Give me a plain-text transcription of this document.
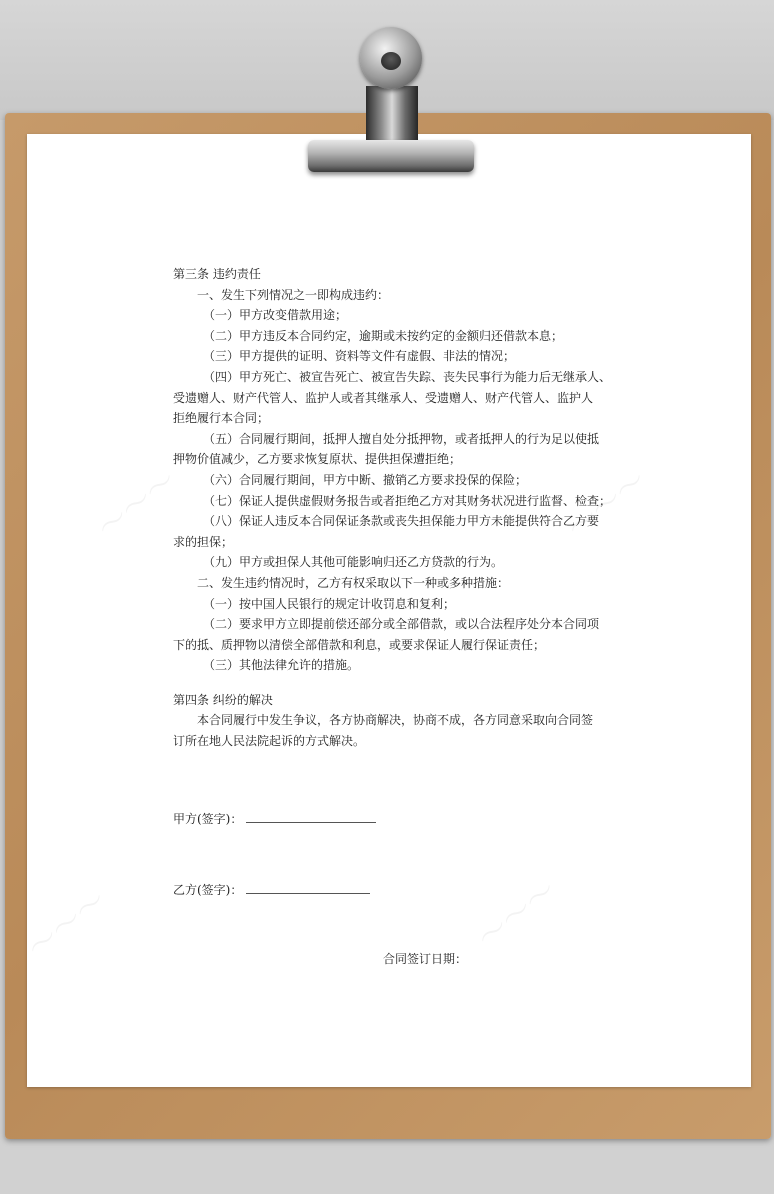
〜〜〜	〜〜〜
〜〜〜	〜〜〜

第三条 违约责任

一、发生下列情况之一即构成违约：

（一）甲方改变借款用途；

（二）甲方违反本合同约定，逾期或未按约定的金额归还借款本息；

（三）甲方提供的证明、资料等文件有虚假、非法的情况；

（四）甲方死亡、被宣告死亡、被宣告失踪、丧失民事行为能力后无继承人、

受遗赠人、财产代管人、监护人或者其继承人、受遗赠人、财产代管人、监护人

拒绝履行本合同；

（五）合同履行期间，抵押人擅自处分抵押物，或者抵押人的行为足以使抵

押物价值减少，乙方要求恢复原状、提供担保遭拒绝；

（六）合同履行期间，甲方中断、撤销乙方要求投保的保险；

（七）保证人提供虚假财务报告或者拒绝乙方对其财务状况进行监督、检查；

（八）保证人违反本合同保证条款或丧失担保能力甲方未能提供符合乙方要

求的担保；

（九）甲方或担保人其他可能影响归还乙方贷款的行为。

二、发生违约情况时，乙方有权采取以下一种或多种措施：

（一）按中国人民银行的规定计收罚息和复利；

（二）要求甲方立即提前偿还部分或全部借款，或以合法程序处分本合同项

下的抵、质押物以清偿全部借款和利息，或要求保证人履行保证责任；

（三）其他法律允许的措施。

第四条 纠纷的解决

本合同履行中发生争议，各方协商解决，协商不成，各方同意采取向合同签

订所在地人民法院起诉的方式解决。

甲方(签字)：
乙方(签字)：
合同签订日期：
